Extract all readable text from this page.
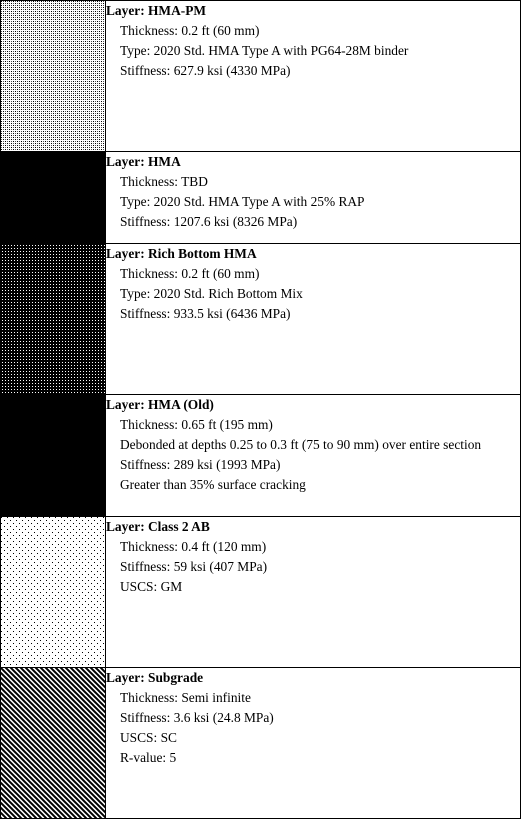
Layer: HMA-PM
Thickness: 0.2 ft (60 mm)
Type: 2020 Std. HMA Type A with PG64-28M binder
Stiffness: 627.9 ksi (4330 MPa)

	Layer: HMA
Thickness: TBD
Type: 2020 Std. HMA Type A with 25% RAP
Stiffness: 1207.6 ksi (8326 MPa)

Layer: Rich Bottom HMA
Thickness: 0.2 ft (60 mm)
Type: 2020 Std. Rich Bottom Mix
Stiffness: 933.5 ksi (6436 MPa)

	Layer: HMA (Old)
Thickness: 0.65 ft (195 mm)
Debonded at depths 0.25 to 0.3 ft (75 to 90 mm) over entire section
Stiffness: 289 ksi (1993 MPa)
Greater than 35% surface cracking

Layer: Class 2 AB
Thickness: 0.4 ft (120 mm)
Stiffness: 59 ksi (407 MPa)
USCS: GM

Layer: Subgrade
Thickness: Semi infinite
Stiffness: 3.6 ksi (24.8 MPa)
USCS: SC
R-value: 5
